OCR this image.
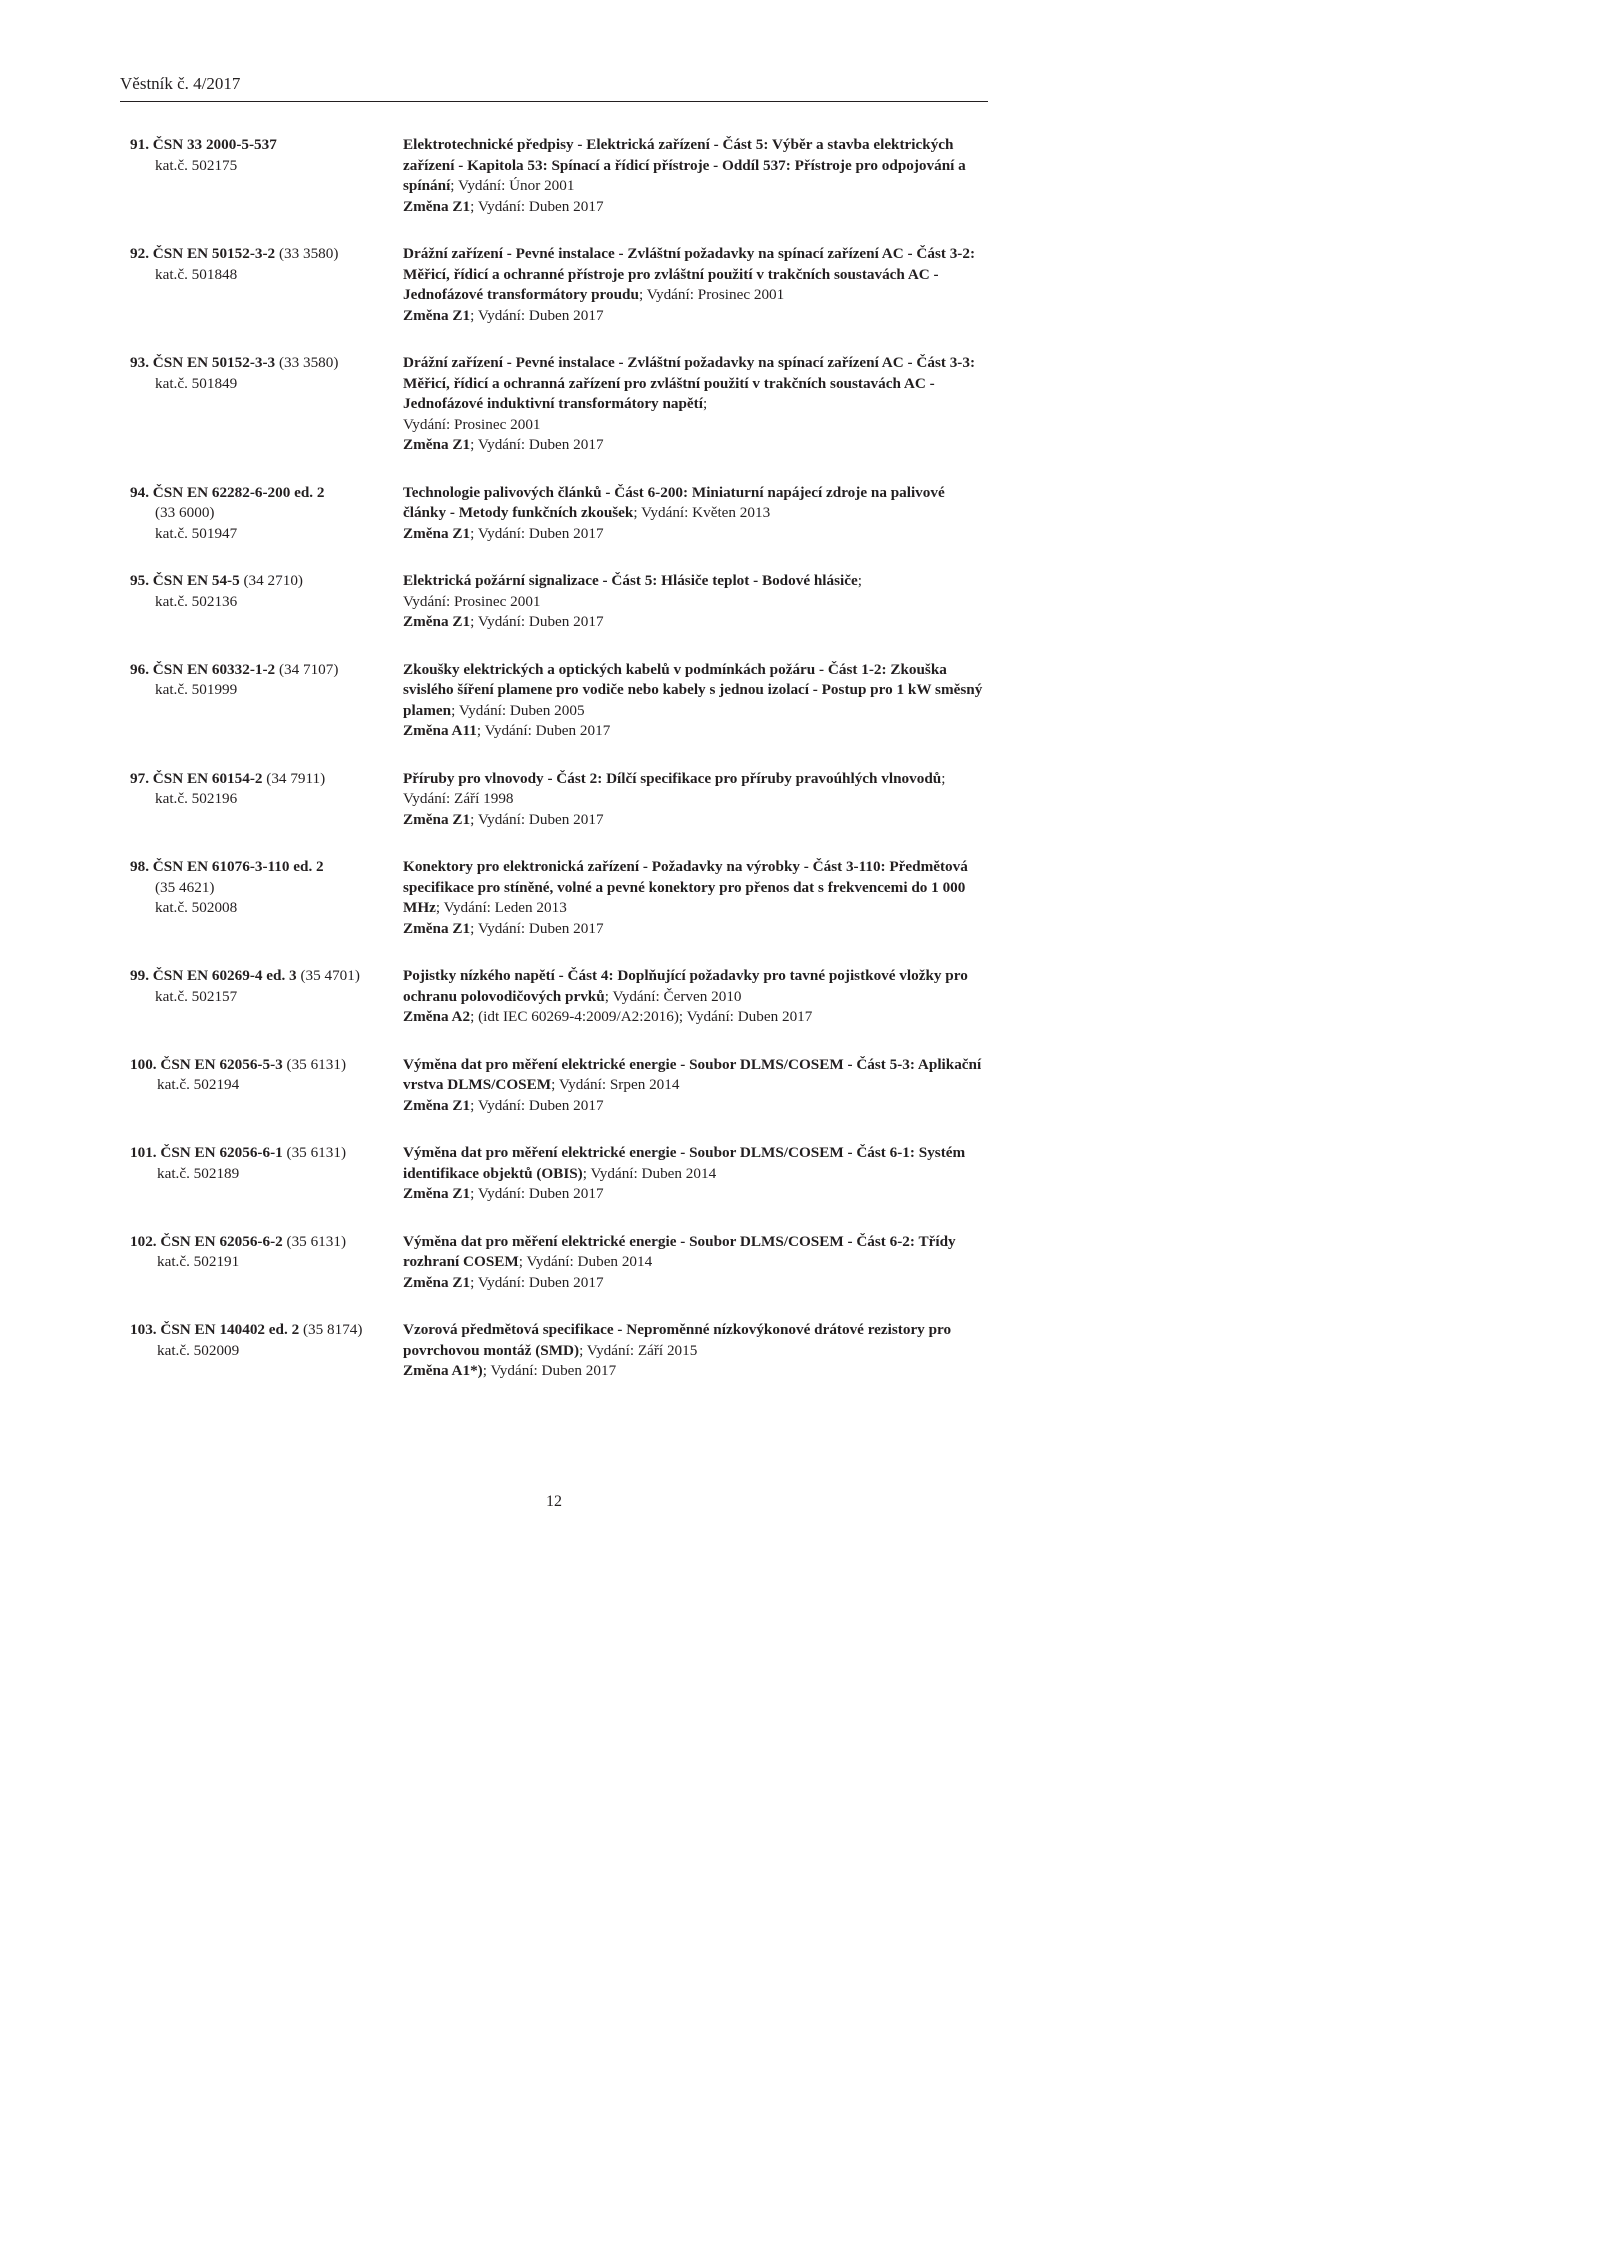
Věstník č. 4/2017
91. ČSN 33 2000-5-537
kat.č. 502175
Elektrotechnické předpisy - Elektrická zařízení - Část 5: Výběr a stavba elektrických zařízení - Kapitola 53: Spínací a řídicí přístroje - Oddíl 537: Přístroje pro odpojování a spínání; Vydání: Únor 2001
Změna Z1; Vydání: Duben 2017
92. ČSN EN 50152-3-2 (33 3580)
kat.č. 501848
Drážní zařízení - Pevné instalace - Zvláštní požadavky na spínací zařízení AC - Část 3-2: Měřicí, řídicí a ochranné přístroje pro zvláštní použití v trakčních soustavách AC - Jednofázové transformátory proudu; Vydání: Prosinec 2001
Změna Z1; Vydání: Duben 2017
93. ČSN EN 50152-3-3 (33 3580)
kat.č. 501849
Drážní zařízení - Pevné instalace - Zvláštní požadavky na spínací zařízení AC - Část 3-3: Měřicí, řídicí a ochranná zařízení pro zvláštní použití v trakčních soustavách AC - Jednofázové induktivní transformátory napětí;
Vydání: Prosinec 2001
Změna Z1; Vydání: Duben 2017
94. ČSN EN 62282-6-200 ed. 2
(33 6000)
kat.č. 501947
Technologie palivových článků - Část 6-200: Miniaturní napájecí zdroje na palivové články - Metody funkčních zkoušek; Vydání: Květen 2013
Změna Z1; Vydání: Duben 2017
95. ČSN EN 54-5 (34 2710)
kat.č. 502136
Elektrická požární signalizace - Část 5: Hlásiče teplot - Bodové hlásiče;
Vydání: Prosinec 2001
Změna Z1; Vydání: Duben 2017
96. ČSN EN 60332-1-2 (34 7107)
kat.č. 501999
Zkoušky elektrických a optických kabelů v podmínkách požáru - Část 1-2: Zkouška svislého šíření plamene pro vodiče nebo kabely s jednou izolací - Postup pro 1 kW směsný plamen; Vydání: Duben 2005
Změna A11; Vydání: Duben 2017
97. ČSN EN 60154-2 (34 7911)
kat.č. 502196
Příruby pro vlnovody - Část 2: Dílčí specifikace pro příruby pravoúhlých vlnovodů; Vydání: Září 1998
Změna Z1; Vydání: Duben 2017
98. ČSN EN 61076-3-110 ed. 2
(35 4621)
kat.č. 502008
Konektory pro elektronická zařízení - Požadavky na výrobky - Část 3-110: Předmětová specifikace pro stíněné, volné a pevné konektory pro přenos dat s frekvencemi do 1 000 MHz; Vydání: Leden 2013
Změna Z1; Vydání: Duben 2017
99. ČSN EN 60269-4 ed. 3 (35 4701)
kat.č. 502157
Pojistky nízkého napětí - Část 4: Doplňující požadavky pro tavné pojistkové vložky pro ochranu polovodičových prvků; Vydání: Červen 2010
Změna A2; (idt IEC 60269-4:2009/A2:2016); Vydání: Duben 2017
100. ČSN EN 62056-5-3 (35 6131)
kat.č. 502194
Výměna dat pro měření elektrické energie - Soubor DLMS/COSEM - Část 5-3: Aplikační vrstva DLMS/COSEM; Vydání: Srpen 2014
Změna Z1; Vydání: Duben 2017
101. ČSN EN 62056-6-1 (35 6131)
kat.č. 502189
Výměna dat pro měření elektrické energie - Soubor DLMS/COSEM - Část 6-1: Systém identifikace objektů (OBIS); Vydání: Duben 2014
Změna Z1; Vydání: Duben 2017
102. ČSN EN 62056-6-2 (35 6131)
kat.č. 502191
Výměna dat pro měření elektrické energie - Soubor DLMS/COSEM - Část 6-2: Třídy rozhraní COSEM; Vydání: Duben 2014
Změna Z1; Vydání: Duben 2017
103. ČSN EN 140402 ed. 2 (35 8174)
kat.č. 502009
Vzorová předmětová specifikace - Neproměnné nízkovýkonové drátové rezistory pro povrchovou montáž (SMD); Vydání: Září 2015
Změna A1*); Vydání: Duben 2017
12
